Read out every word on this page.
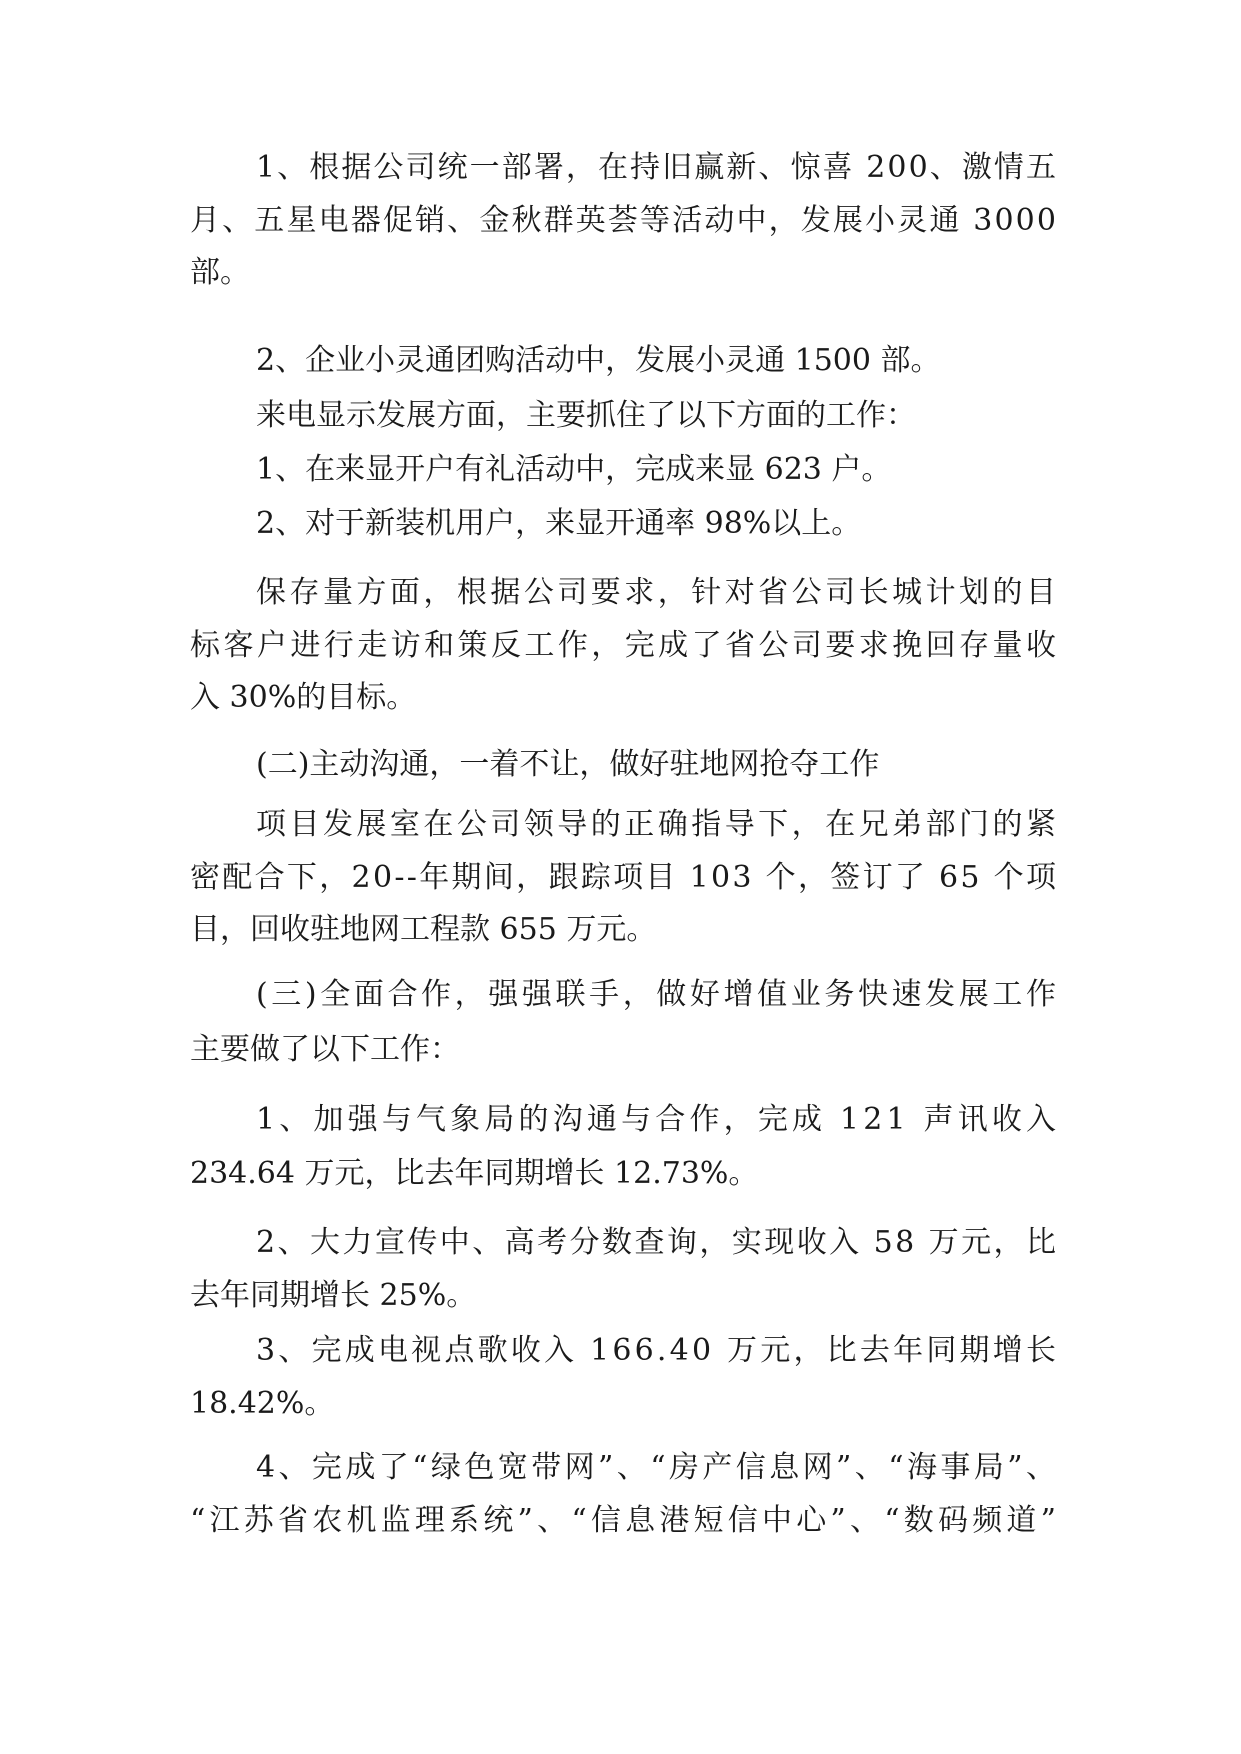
1、根据公司统一部署，在持旧赢新、惊喜 200、激情五
月、五星电器促销、金秋群英荟等活动中，发展小灵通 3000
部。
2、企业小灵通团购活动中，发展小灵通 1500 部。
来电显示发展方面，主要抓住了以下方面的工作：
1、在来显开户有礼活动中，完成来显 623 户。
2、对于新装机用户，来显开通率 98%以上。
保存量方面，根据公司要求，针对省公司长城计划的目
标客户进行走访和策反工作，完成了省公司要求挽回存量收
入 30%的目标。
(二)主动沟通，一着不让，做好驻地网抢夺工作
项目发展室在公司领导的正确指导下，在兄弟部门的紧
密配合下，20--年期间，跟踪项目 103 个，签订了 65 个项
目，回收驻地网工程款 655 万元。
(三)全面合作，强强联手，做好增值业务快速发展工作
主要做了以下工作：
1、加强与气象局的沟通与合作，完成 121 声讯收入
234.64 万元，比去年同期增长 12.73%。
2、大力宣传中、高考分数查询，实现收入 58 万元，比
去年同期增长 25%。
3、完成电视点歌收入 166.40 万元，比去年同期增长
18.42%。
4、完成了“绿色宽带网”、“房产信息网”、“海事局”、
“江苏省农机监理系统”、“信息港短信中心”、“数码频道”
